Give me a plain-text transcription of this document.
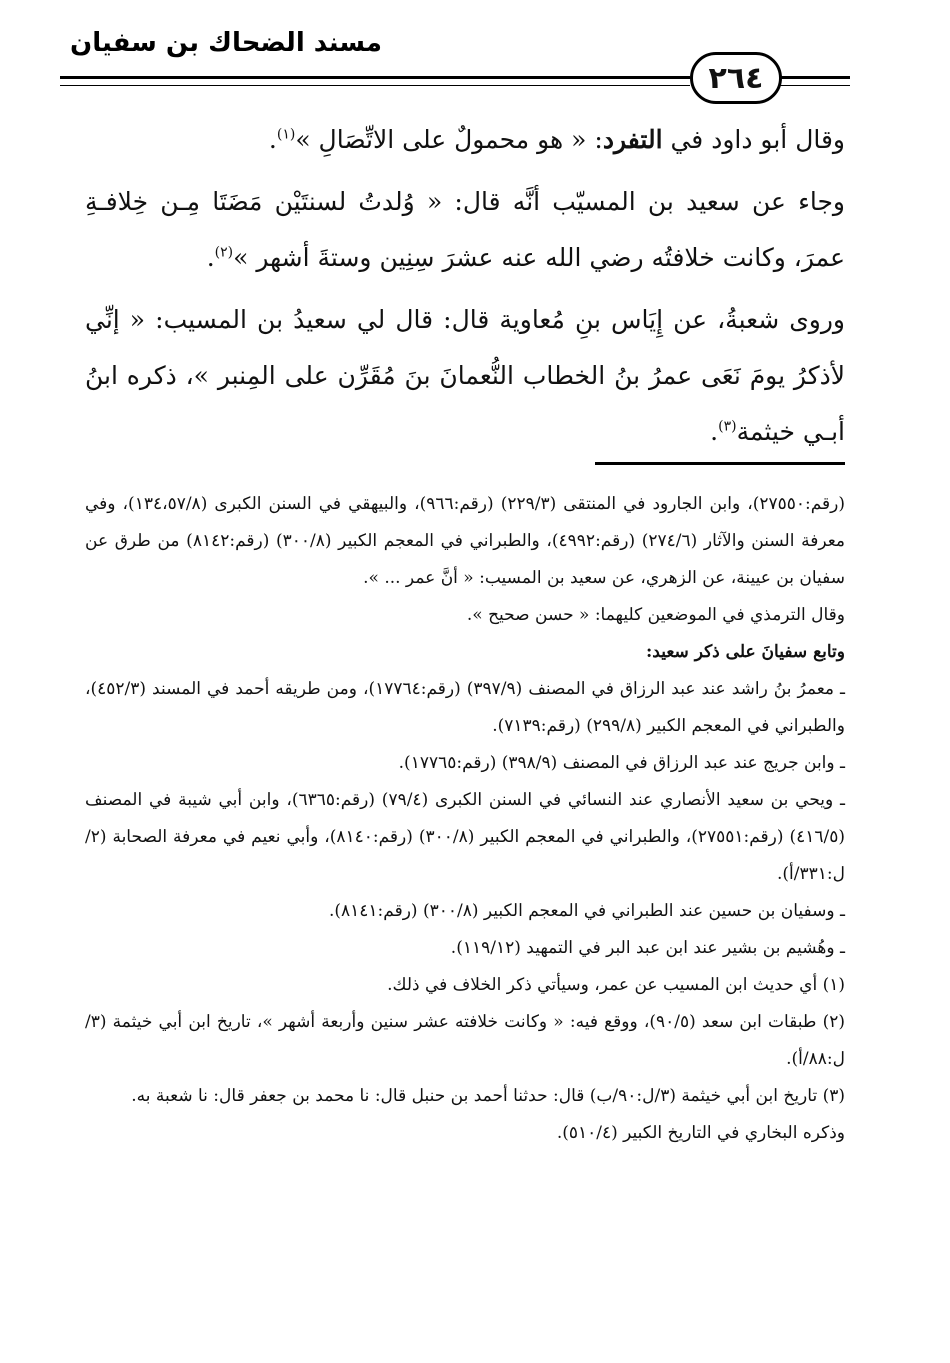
مسند الضحاك بن سفيان
٢٦٤

وقال أبو داود في التفرد: « هو محمولٌ على الاتِّصَالِ »$^{(١)}$.

وجاء عن سعيد بن المسيّب أنَّه قال: « وُلدتُ لسنتَيْن مَضَتَا مِـن خِلافـةِ عمرَ، وكانت خلافتُه رضي الله عنه عشرَ سِنِين وستةَ أشهر »$^{(٢)}$.

وروى شعبةُ، عن إِيَاس بنِ مُعاوية قال: قال لي سعيدُ بن المسيب: « إنِّي لأذكرُ يومَ نَعَى عمرُ بنُ الخطاب النُّعمانَ بنَ مُقَرِّن على المِنبر »، ذكره ابنُ أبـي خيثمة$^{(٣)}$.

(رقم:٢٧٥٥٠)، وابن الجارود في المنتقى (٢٢٩/٣) (رقم:٩٦٦)، والبيهقي في السنن الكبرى (١٣٤،٥٧/٨)، وفي معرفة السنن والآثار (٢٧٤/٦) (رقم:٤٩٩٢)، والطبراني في المعجم الكبير (٣٠٠/٨) (رقم:٨١٤٢) من طرق عن سفيان بن عيينة، عن الزهري، عن سعيد بن المسيب: « أنَّ عمر ... ».

وقال الترمذي في الموضعين كليهما: « حسن صحيح ».

وتابع سفيانَ على ذكر سعيد:

ـ معمرُ بنُ راشد عند عبد الرزاق في المصنف (٣٩٧/٩) (رقم:١٧٧٦٤)، ومن طريقه أحمد في المسند (٤٥٢/٣)، والطبراني في المعجم الكبير (٢٩٩/٨) (رقم:٧١٣٩).

ـ وابن جريج عند عبد الرزاق في المصنف (٣٩٨/٩) (رقم:١٧٧٦٥).

ـ ويحي بن سعيد الأنصاري عند النسائي في السنن الكبرى (٧٩/٤) (رقم:٦٣٦٥)، وابن أبي شيبة في المصنف (٤١٦/٥) (رقم:٢٧٥٥١)، والطبراني في المعجم الكبير (٣٠٠/٨) (رقم:٨١٤٠)، وأبي نعيم في معرفة الصحابة (٢/ل:٣٣١/أ).

ـ وسفيان بن حسين عند الطبراني في المعجم الكبير (٣٠٠/٨) (رقم:٨١٤١).

ـ وهُشيم بن بشير عند ابن عبد البر في التمهيد (١١٩/١٢).

(١) أي حديث ابن المسيب عن عمر، وسيأتي ذكر الخلاف في ذلك.

(٢) طبقات ابن سعد (٩٠/٥)، ووقع فيه: « وكانت خلافته عشر سنين وأربعة أشهر »، تاريخ ابن أبي خيثمة (٣/ل:٨٨/أ).

(٣) تاريخ ابن أبي خيثمة (٣/ل:٩٠/ب) قال: حدثنا أحمد بن حنبل قال: نا محمد بن جعفر قال: نا شعبة به.

وذكره البخاري في التاريخ الكبير (٥١٠/٤).
